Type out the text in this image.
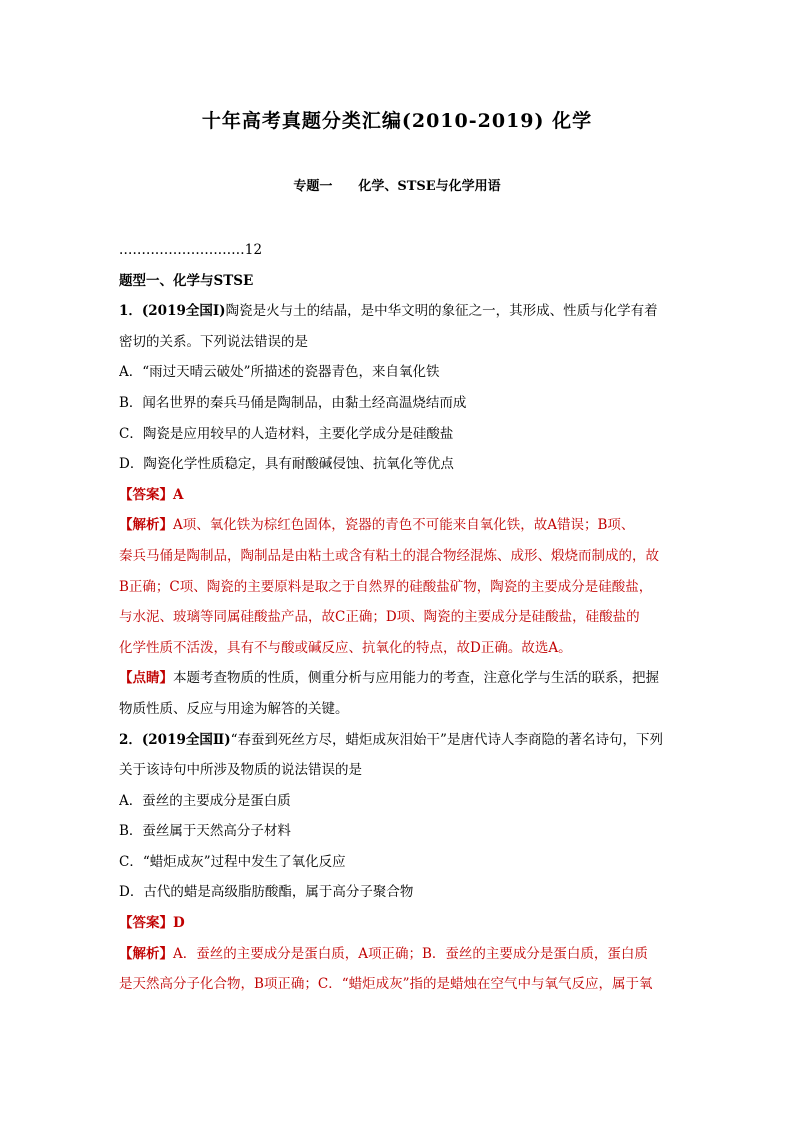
十年高考真题分类汇编(2010-2019) 化学
专题一 化学、STSE与化学用语
............................12
题型一、化学与STSE
1．(2019全国Ⅰ)陶瓷是火与土的结晶，是中华文明的象征之一，其形成、性质与化学有着
密切的关系。下列说法错误的是
A．“雨过天晴云破处”所描述的瓷器青色，来自氧化铁
B．闻名世界的秦兵马俑是陶制品，由黏土经高温烧结而成
C．陶瓷是应用较早的人造材料，主要化学成分是硅酸盐
D．陶瓷化学性质稳定，具有耐酸碱侵蚀、抗氧化等优点
【答案】A
【解析】A项、氧化铁为棕红色固体，瓷器的青色不可能来自氧化铁，故A错误；B项、
秦兵马俑是陶制品，陶制品是由粘土或含有粘土的混合物经混炼、成形、煅烧而制成的，故
B正确；C项、陶瓷的主要原料是取之于自然界的硅酸盐矿物，陶瓷的主要成分是硅酸盐，
与水泥、玻璃等同属硅酸盐产品，故C正确；D项、陶瓷的主要成分是硅酸盐，硅酸盐的
化学性质不活泼，具有不与酸或碱反应、抗氧化的特点，故D正确。故选A。
【点睛】本题考查物质的性质，侧重分析与应用能力的考查，注意化学与生活的联系，把握
物质性质、反应与用途为解答的关键。
2．(2019全国Ⅱ)“春蚕到死丝方尽，蜡炬成灰泪始干”是唐代诗人李商隐的著名诗句，下列
关于该诗句中所涉及物质的说法错误的是
A．蚕丝的主要成分是蛋白质
B．蚕丝属于天然高分子材料
C．“蜡炬成灰”过程中发生了氧化反应
D．古代的蜡是高级脂肪酸酯，属于高分子聚合物
【答案】D
【解析】A．蚕丝的主要成分是蛋白质，A项正确；B．蚕丝的主要成分是蛋白质，蛋白质
是天然高分子化合物，B项正确；C．“蜡炬成灰”指的是蜡烛在空气中与氧气反应，属于氧
